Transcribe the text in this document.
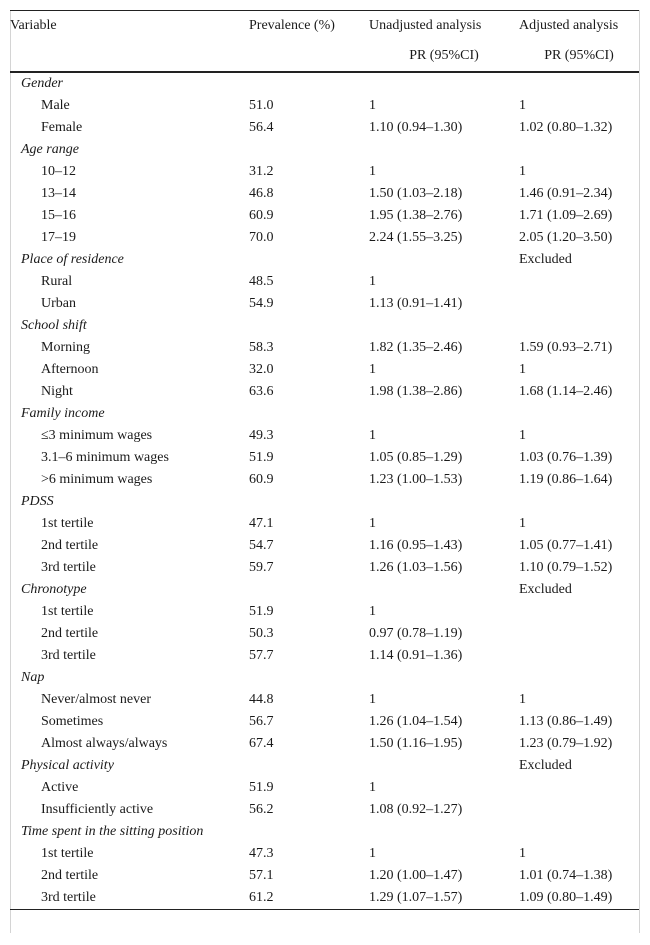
Variable	Prevalence (%)	Unadjusted analysis	Adjusted analysis
		PR (95%CI)	PR (95%CI)
Gender			
Male	51.0	1	1
Female	56.4	1.10 (0.94–1.30)	1.02 (0.80–1.32)
Age range			
10–12	31.2	1	1
13–14	46.8	1.50 (1.03–2.18)	1.46 (0.91–2.34)
15–16	60.9	1.95 (1.38–2.76)	1.71 (1.09–2.69)
17–19	70.0	2.24 (1.55–3.25)	2.05 (1.20–3.50)
Place of residence			Excluded
Rural	48.5	1	
Urban	54.9	1.13 (0.91–1.41)	
School shift			
Morning	58.3	1.82 (1.35–2.46)	1.59 (0.93–2.71)
Afternoon	32.0	1	1
Night	63.6	1.98 (1.38–2.86)	1.68 (1.14–2.46)
Family income			
≤3 minimum wages	49.3	1	1
3.1–6 minimum wages	51.9	1.05 (0.85–1.29)	1.03 (0.76–1.39)
>6 minimum wages	60.9	1.23 (1.00–1.53)	1.19 (0.86–1.64)
PDSS			
1st tertile	47.1	1	1
2nd tertile	54.7	1.16 (0.95–1.43)	1.05 (0.77–1.41)
3rd tertile	59.7	1.26 (1.03–1.56)	1.10 (0.79–1.52)
Chronotype			Excluded
1st tertile	51.9	1	
2nd tertile	50.3	0.97 (0.78–1.19)	
3rd tertile	57.7	1.14 (0.91–1.36)	
Nap			
Never/almost never	44.8	1	1
Sometimes	56.7	1.26 (1.04–1.54)	1.13 (0.86–1.49)
Almost always/always	67.4	1.50 (1.16–1.95)	1.23 (0.79–1.92)
Physical activity			Excluded
Active	51.9	1	
Insufficiently active	56.2	1.08 (0.92–1.27)	
Time spent in the sitting position			
1st tertile	47.3	1	1
2nd tertile	57.1	1.20 (1.00–1.47)	1.01 (0.74–1.38)
3rd tertile	61.2	1.29 (1.07–1.57)	1.09 (0.80–1.49)
